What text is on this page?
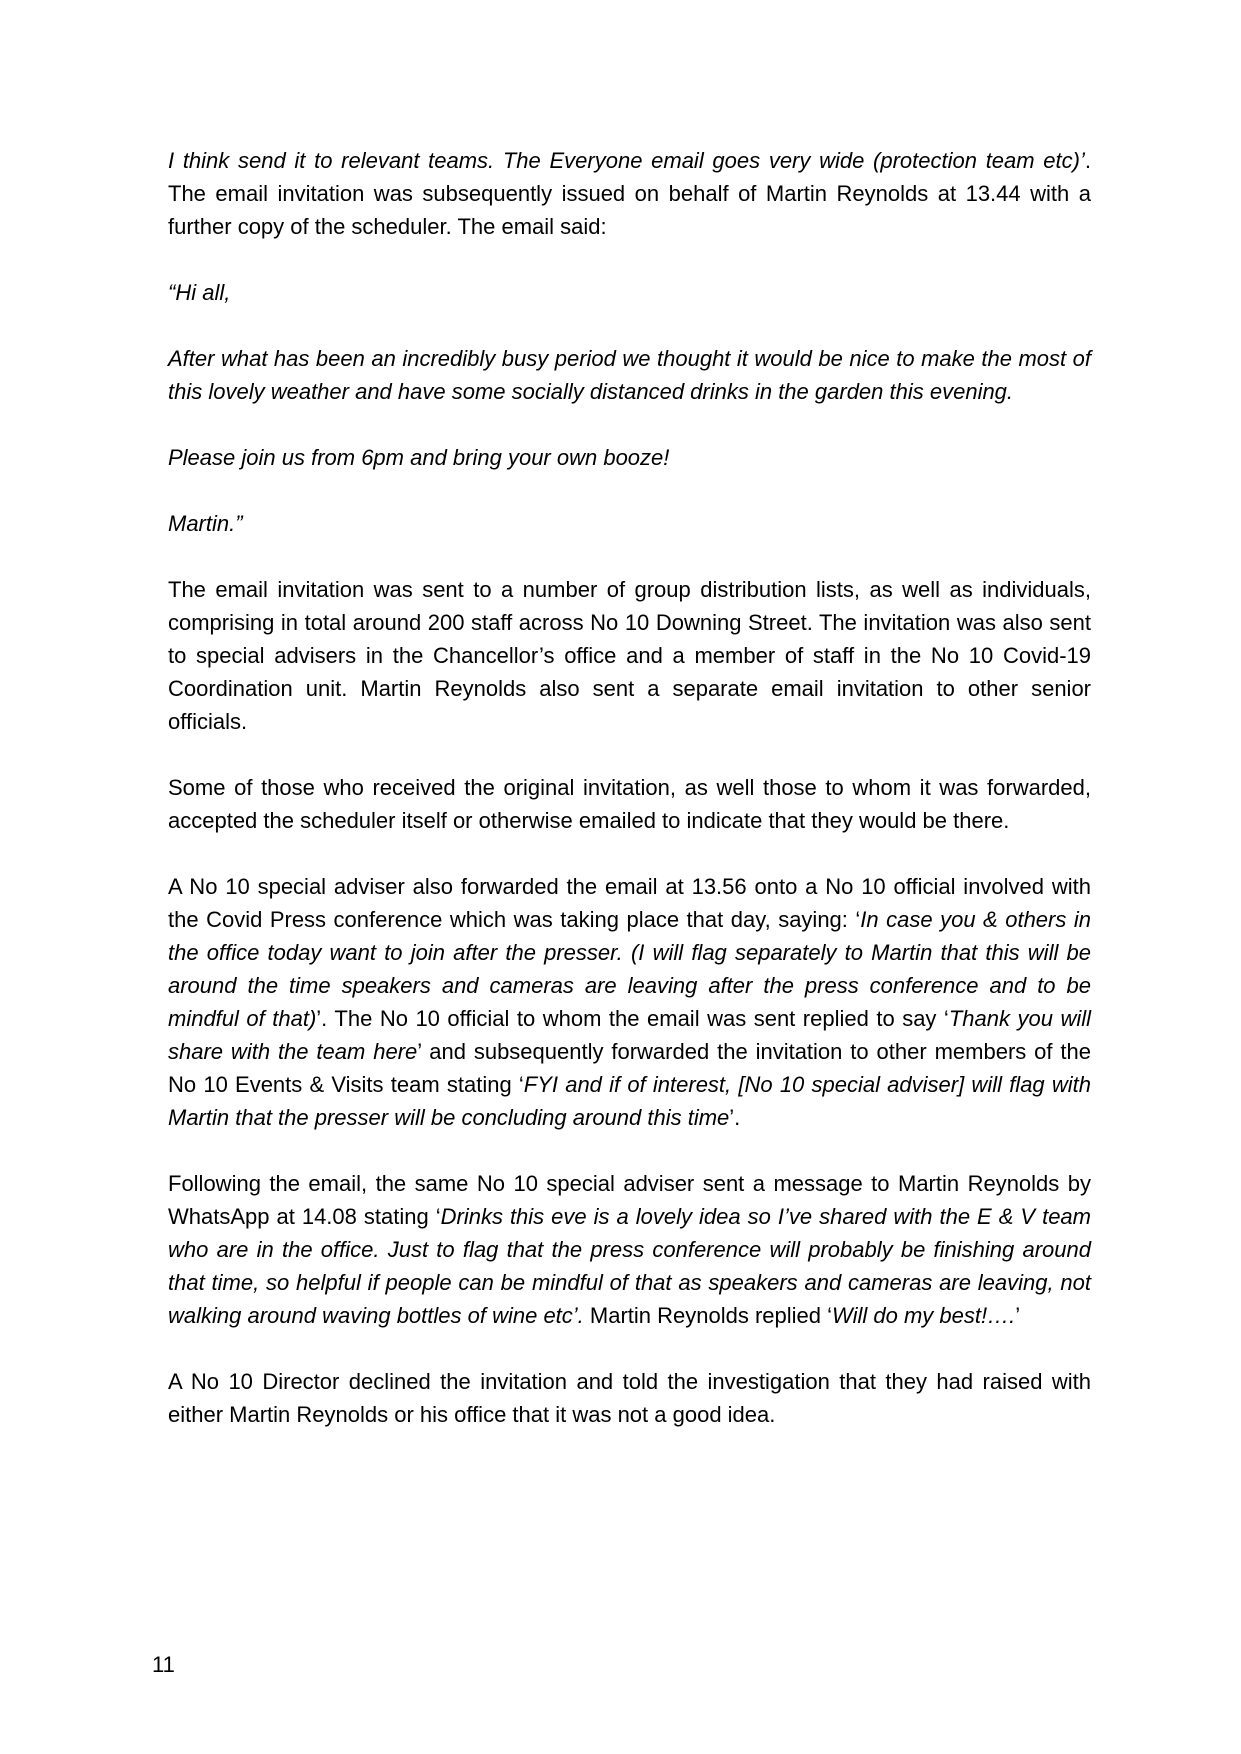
I think send it to relevant teams. The Everyone email goes very wide (protection team etc)’. The email invitation was subsequently issued on behalf of Martin Reynolds at 13.44 with a further copy of the scheduler. The email said:

“Hi all,

After what has been an incredibly busy period we thought it would be nice to make the most of this lovely weather and have some socially distanced drinks in the garden this evening.

Please join us from 6pm and bring your own booze!

Martin.”

The email invitation was sent to a number of group distribution lists, as well as individuals, comprising in total around 200 staff across No 10 Downing Street. The invitation was also sent to special advisers in the Chancellor’s office and a member of staff in the No 10 Covid-19 Coordination unit. Martin Reynolds also sent a separate email invitation to other senior officials.

Some of those who received the original invitation, as well those to whom it was forwarded, accepted the scheduler itself or otherwise emailed to indicate that they would be there.

A No 10 special adviser also forwarded the email at 13.56 onto a No 10 official involved with the Covid Press conference which was taking place that day, saying: ‘In case you & others in the office today want to join after the presser. (I will flag separately to Martin that this will be around the time speakers and cameras are leaving after the press conference and to be mindful of that)’. The No 10 official to whom the email was sent replied to say ‘Thank you will share with the team here’ and subsequently forwarded the invitation to other members of the No 10 Events & Visits team stating ‘FYI and if of interest, [No 10 special adviser] will flag with Martin that the presser will be concluding around this time’.

Following the email, the same No 10 special adviser sent a message to Martin Reynolds by WhatsApp at 14.08 stating ‘Drinks this eve is a lovely idea so I’ve shared with the E & V team who are in the office. Just to flag that the press conference will probably be finishing around that time, so helpful if people can be mindful of that as speakers and cameras are leaving, not walking around waving bottles of wine etc’. Martin Reynolds replied ‘Will do my best!….’

A No 10 Director declined the invitation and told the investigation that they had raised with either Martin Reynolds or his office that it was not a good idea.

11
